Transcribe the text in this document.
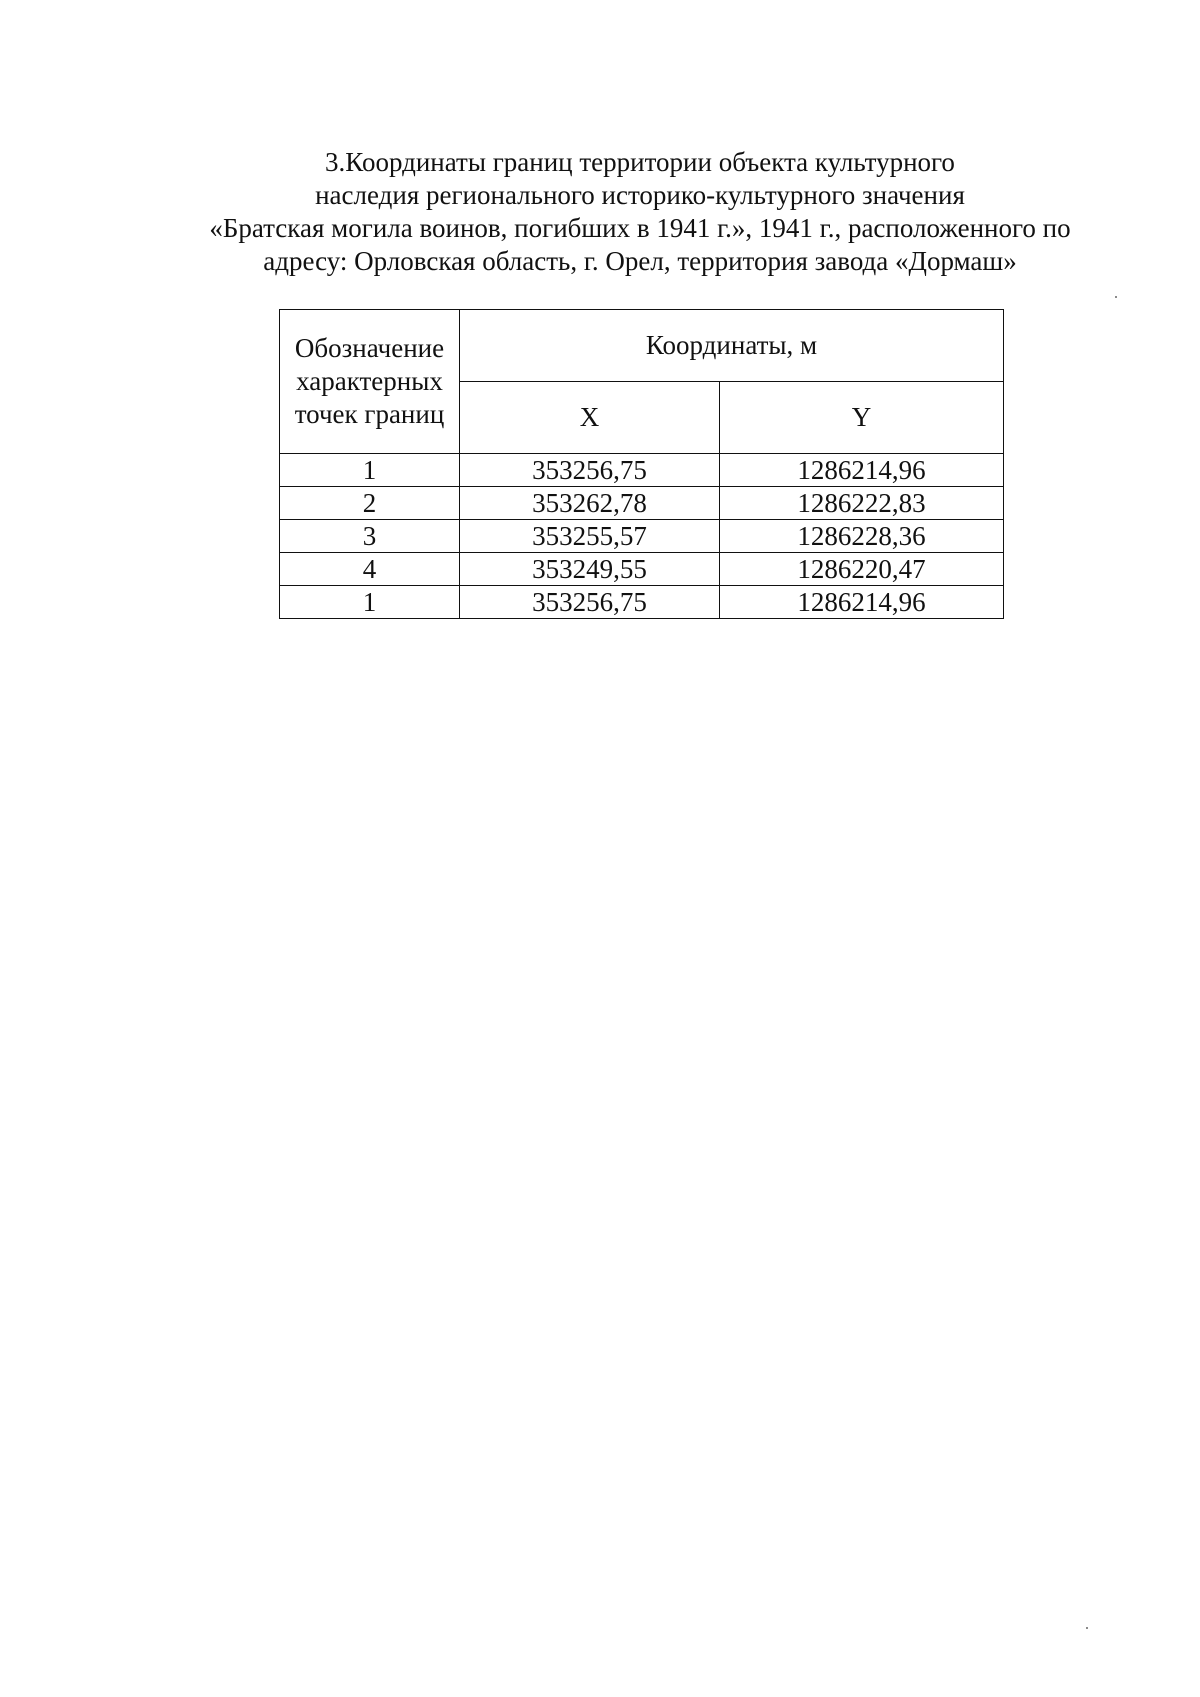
3.Координаты границ территории объекта культурного
наследия регионального историко-культурного значения
«Братская могила воинов, погибших в 1941 г.», 1941 г., расположенного по
адресу: Орловская область, г. Орел, территория завода «Дормаш»
Обозначение характерных точек границ	Координаты, м	
	X	Y
1	353256,75	1286214,96
2	353262,78	1286222,83
3	353255,57	1286228,36
4	353249,55	1286220,47
1	353256,75	1286214,96
